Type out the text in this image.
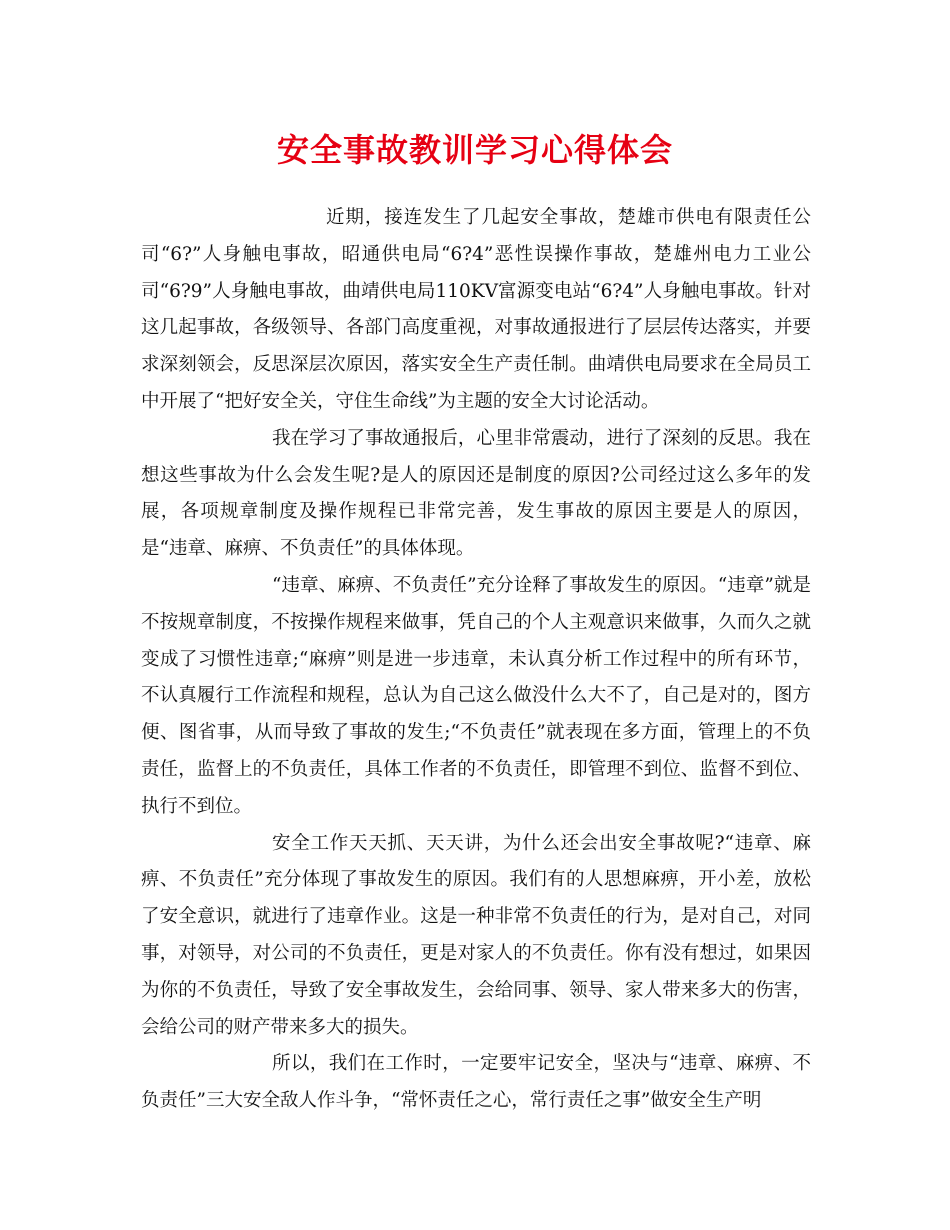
安全事故教训学习心得体会

近期，接连发生了几起安全事故，楚雄市供电有限责任公司“6?”人身触电事故，昭通供电局“6?4”恶性误操作事故，楚雄州电力工业公司“6?9”人身触电事故，曲靖供电局110KV富源变电站“6?4”人身触电事故。针对这几起事故，各级领导、各部门高度重视，对事故通报进行了层层传达落实，并要求深刻领会，反思深层次原因，落实安全生产责任制。曲靖供电局要求在全局员工中开展了“把好安全关，守住生命线”为主题的安全大讨论活动。

我在学习了事故通报后，心里非常震动，进行了深刻的反思。我在想这些事故为什么会发生呢?是人的原因还是制度的原因?公司经过这么多年的发展，各项规章制度及操作规程已非常完善，发生事故的原因主要是人的原因，是“违章、麻痹、不负责任”的具体体现。

“违章、麻痹、不负责任”充分诠释了事故发生的原因。“违章”就是不按规章制度，不按操作规程来做事，凭自己的个人主观意识来做事，久而久之就变成了习惯性违章;“麻痹”则是进一步违章，未认真分析工作过程中的所有环节，不认真履行工作流程和规程，总认为自己这么做没什么大不了，自己是对的，图方便、图省事，从而导致了事故的发生;“不负责任”就表现在多方面，管理上的不负责任，监督上的不负责任，具体工作者的不负责任，即管理不到位、监督不到位、执行不到位。

安全工作天天抓、天天讲，为什么还会出安全事故呢?“违章、麻痹、不负责任”充分体现了事故发生的原因。我们有的人思想麻痹，开小差，放松了安全意识，就进行了违章作业。这是一种非常不负责任的行为，是对自己，对同事，对领导，对公司的不负责任，更是对家人的不负责任。你有没有想过，如果因为你的不负责任，导致了安全事故发生，会给同事、领导、家人带来多大的伤害，会给公司的财产带来多大的损失。

所以，我们在工作时，一定要牢记安全，坚决与“违章、麻痹、不负责任”三大安全敌人作斗争，“常怀责任之心，常行责任之事”做安全生产明
